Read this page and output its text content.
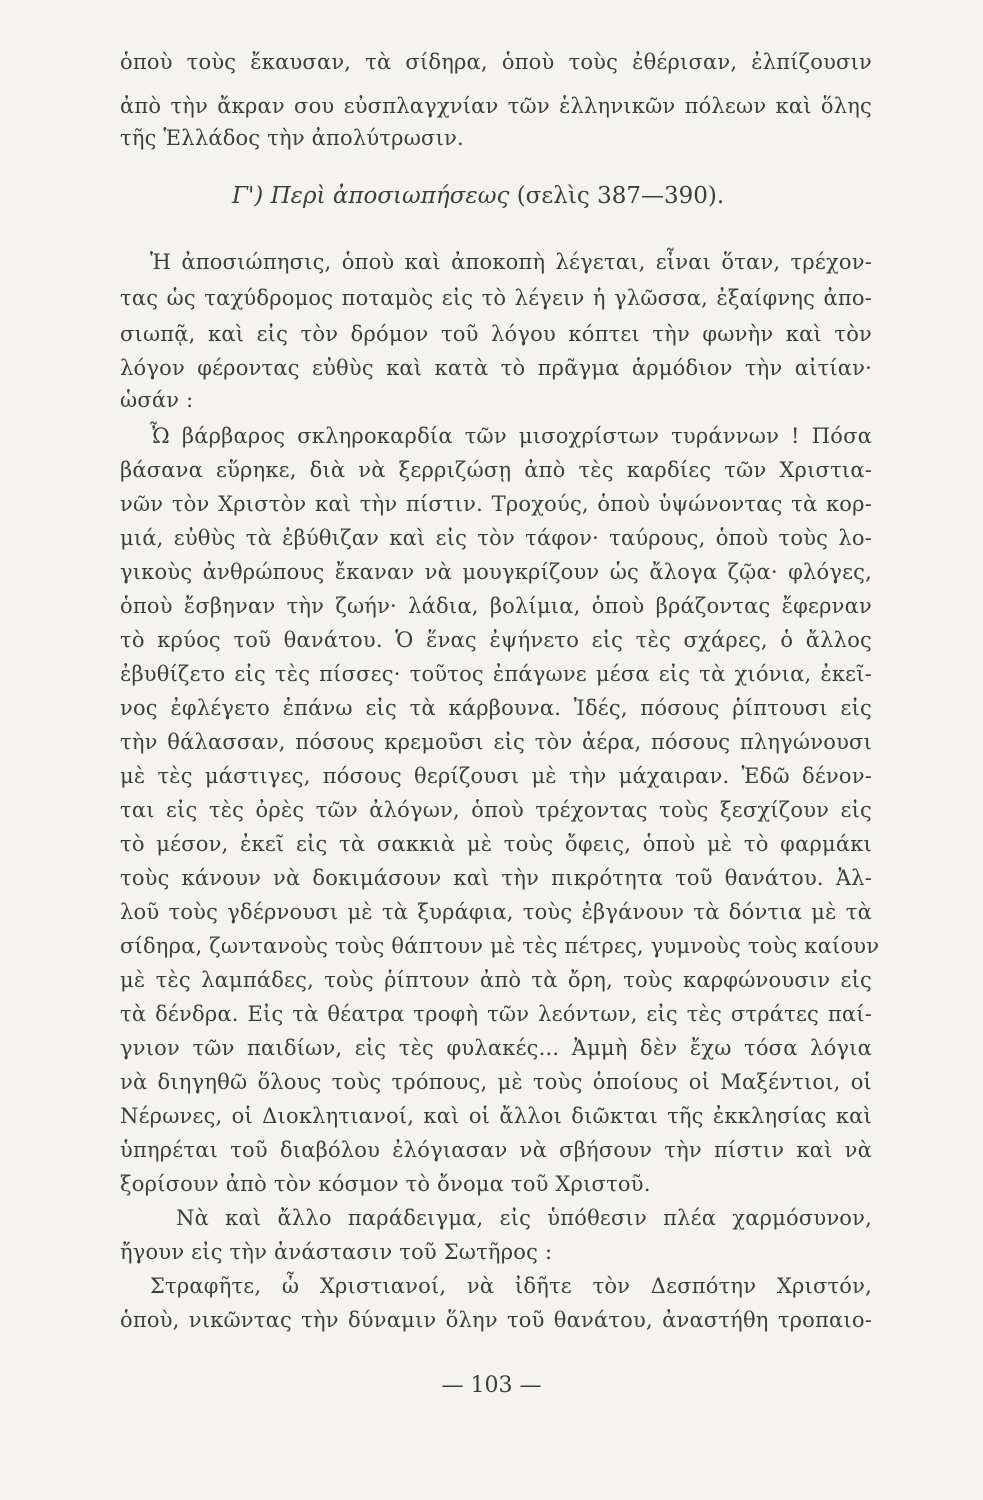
ὁποὺ τοὺς ἔκαυσαν, τὰ σίδηρα, ὁποὺ τοὺς ἐθέρισαν, ἐλπίζουσιν
ἀπὸ τὴν ἄκραν σου εὐσπλαγχνίαν τῶν ἑλληνικῶν πόλεων καὶ ὅλης
τῆς Ἑλλάδος τὴν ἀπολύτρωσιν.
Γ') Περὶ ἀποσιωπήσεως (σελὶς 387—390).
Ἡ ἀποσιώπησις, ὁποὺ καὶ ἀποκοπὴ λέγεται, εἶναι ὅταν, τρέχον-
τας ὡς ταχύδρομος ποταμὸς εἰς τὸ λέγειν ἡ γλῶσσα, ἐξαίφνης ἀπο-
σιωπᾷ, καὶ εἰς τὸν δρόμον τοῦ λόγου κόπτει τὴν φωνὴν καὶ τὸν
λόγον φέροντας εὐθὺς καὶ κατὰ τὸ πρᾶγμα ἁρμόδιον τὴν αἰτίαν·
ὡσάν :
Ὦ βάρβαρος σκληροκαρδία τῶν μισοχρίστων τυράννων ! Πόσα
βάσανα εὕρηκε, διὰ νὰ ξερριζώσῃ ἀπὸ τὲς καρδίες τῶν Χριστια-
νῶν τὸν Χριστὸν καὶ τὴν πίστιν. Τροχούς, ὁποὺ ὑψώνοντας τὰ κορ-
μιά, εὐθὺς τὰ ἐβύθιζαν καὶ εἰς τὸν τάφον· ταύρους, ὁποὺ τοὺς λο-
γικοὺς ἀνθρώπους ἔκαναν νὰ μουγκρίζουν ὡς ἄλογα ζῷα· φλόγες,
ὁποὺ ἔσβηναν τὴν ζωήν· λάδια, βολίμια, ὁποὺ βράζοντας ἔφερναν
τὸ κρύος τοῦ θανάτου. Ὁ ἕνας ἐψήνετο εἰς τὲς σχάρες, ὁ ἄλλος
ἐβυθίζετο εἰς τὲς πίσσες· τοῦτος ἐπάγωνε μέσα εἰς τὰ χιόνια, ἐκεῖ-
νος ἐφλέγετο ἐπάνω εἰς τὰ κάρβουνα. Ἰδές, πόσους ῥίπτουσι εἰς
τὴν θάλασσαν, πόσους κρεμοῦσι εἰς τὸν ἀέρα, πόσους πληγώνουσι
μὲ τὲς μάστιγες, πόσους θερίζουσι μὲ τὴν μάχαιραν. Ἐδῶ δένον-
ται εἰς τὲς ὀρὲς τῶν ἀλόγων, ὁποὺ τρέχοντας τοὺς ξεσχίζουν εἰς
τὸ μέσον, ἐκεῖ εἰς τὰ σακκιὰ μὲ τοὺς ὄφεις, ὁποὺ μὲ τὸ φαρμάκι
τοὺς κάνουν νὰ δοκιμάσουν καὶ τὴν πικρότητα τοῦ θανάτου. Ἀλ-
λοῦ τοὺς γδέρνουσι μὲ τὰ ξυράφια, τοὺς ἐβγάνουν τὰ δόντια μὲ τὰ
σίδηρα, ζωντανοὺς τοὺς θάπτουν μὲ τὲς πέτρες, γυμνοὺς τοὺς καίουν
μὲ τὲς λαμπάδες, τοὺς ῥίπτουν ἀπὸ τὰ ὄρη, τοὺς καρφώνουσιν εἰς
τὰ δένδρα. Εἰς τὰ θέατρα τροφὴ τῶν λεόντων, εἰς τὲς στράτες παί-
γνιον τῶν παιδίων, εἰς τὲς φυλακές... Ἀμμὴ δὲν ἔχω τόσα λόγια
νὰ διηγηθῶ ὅλους τοὺς τρόπους, μὲ τοὺς ὁποίους οἱ Μαξέντιοι, οἱ
Νέρωνες, οἱ Διοκλητιανοί, καὶ οἱ ἄλλοι διῶκται τῆς ἐκκλησίας καὶ
ὑπηρέται τοῦ διαβόλου ἐλόγιασαν νὰ σβήσουν τὴν πίστιν καὶ νὰ
ξορίσουν ἀπὸ τὸν κόσμον τὸ ὄνομα τοῦ Χριστοῦ.
Νὰ καὶ ἄλλο παράδειγμα, εἰς ὑπόθεσιν πλέα χαρμόσυνον,
ἤγουν εἰς τὴν ἀνάστασιν τοῦ Σωτῆρος :
Στραφῆτε, ὦ Χριστιανοί, νὰ ἰδῆτε τὸν Δεσπότην Χριστόν,
ὁποὺ, νικῶντας τὴν δύναμιν ὅλην τοῦ θανάτου, ἀναστήθη τροπαιο-
— 103 —
